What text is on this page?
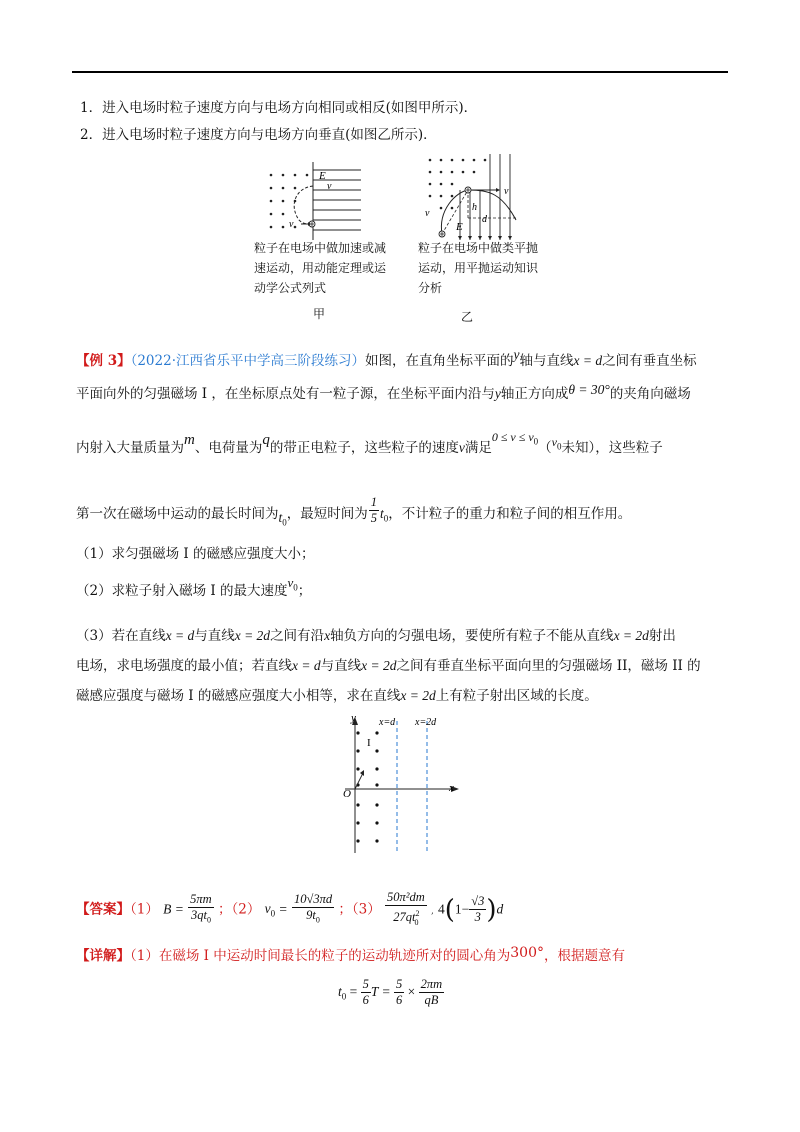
1．进入电场时粒子速度方向与电场方向相同或相反(如图甲所示)．
2．进入电场时粒子速度方向与电场方向垂直(如图乙所示)．
E
v
v
粒子在电场中做加速或减
速运动，用动能定理或运
动学公式列式
甲
v
v
h
d
E
粒子在电场中做类平抛
运动，用平抛运动知识
分析
乙
【例 3】（2022·江西省乐平中学高三阶段练习）如图，在直角坐标平面的y轴与直线x = d之间有垂直坐标
平面向外的匀强磁场 I ，在坐标原点处有一粒子源，在坐标平面内沿与y轴正方向成θ = 30°的夹角向磁场
内射入大量质量为m、电荷量为q的带正电粒子，这些粒子的速度v满足$0 \le v \le v_0(v_0$未知），这些粒子
第一次在磁场中运动的最长时间为$t_0$，最短时间为 $\frac{1}{5} t_0$，不计粒子的重力和粒子间的相互作用。
（1）求匀强磁场 I 的磁感应强度大小；
（2）求粒子射入磁场 I 的最大速度$v_0$；
（3）若在直线x = d与直线x = 2d之间有沿x轴负方向的匀强电场，要使所有粒子不能从直线x = 2d射出
电场，求电场强度的最小值；若直线x = d与直线x = 2d之间有垂直坐标平面向里的匀强磁场 II，磁场 II 的
磁感应强度与磁场 I 的磁感应强度大小相等，求在直线x = 2d上有粒子射出区域的长度。
y
O	x
I
x=d x=2d
【答案】（1） $B = \frac{5\pi m}{3qt_0}$ ；（2） $v_0 = \frac{10√3\pi d}{9t_0}$ ；$(3) \frac{\text{50π²dm}}{27qt^2_0}$ , $4(1- \frac{√3}{3} )d$
【详解】（1）在磁场 I 中运动时间最长的粒子的运动轨迹所对的圆心角为300°，根据题意有
$t_0 = \frac{5}{6}$ $T = \frac{5}{6} \times \frac{2\pi m}{qB}$
